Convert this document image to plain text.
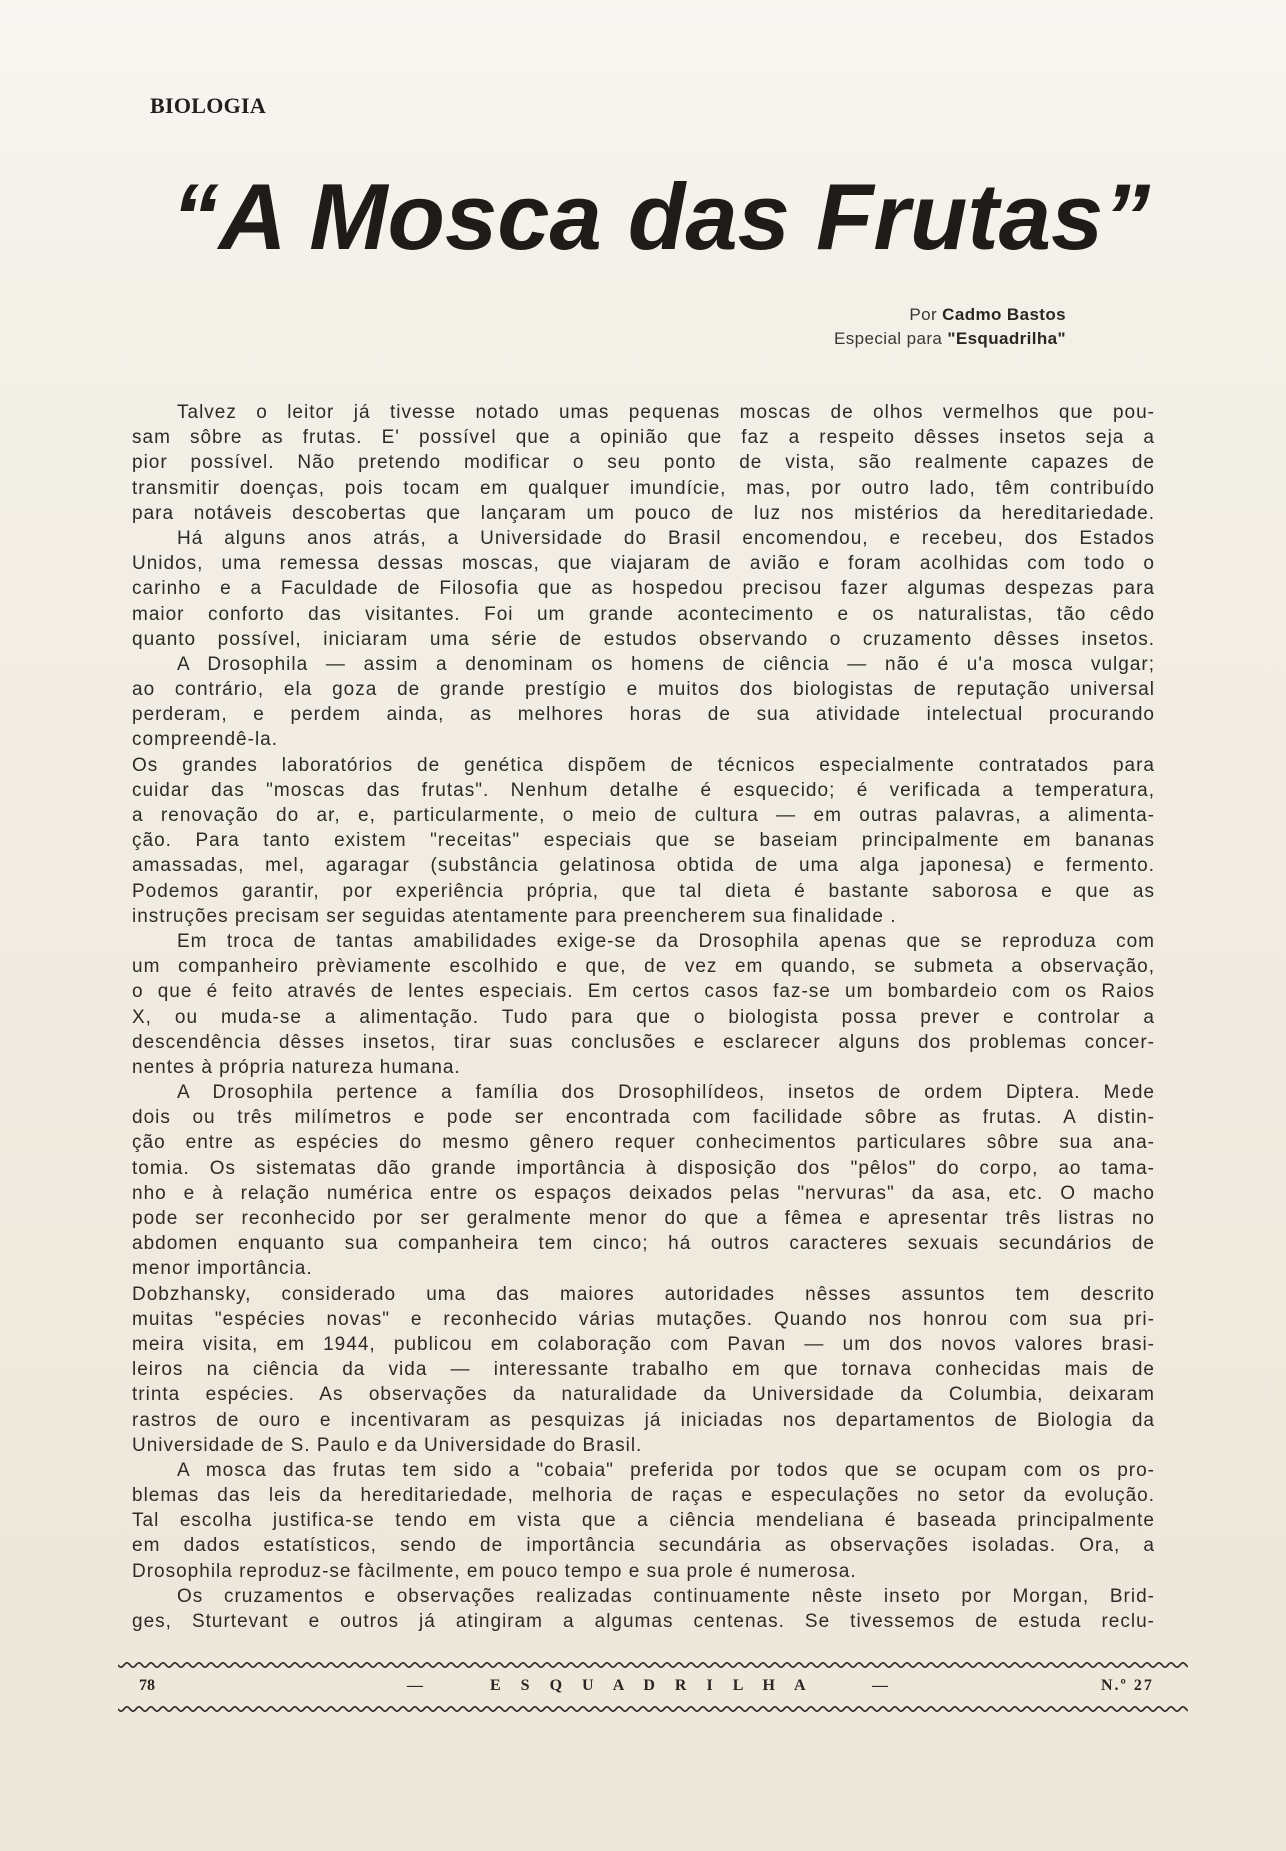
BIOLOGIA
“A Mosca das Frutas”
Por Cadmo Bastos
Especial para "Esquadrilha"
Talvez o leitor já tivesse notado umas pequenas moscas de olhos vermelhos que pou-
sam sôbre as frutas. E' possível que a opinião que faz a respeito dêsses insetos seja a
pior possível. Não pretendo modificar o seu ponto de vista, são realmente capazes de
transmitir doenças, pois tocam em qualquer imundície, mas, por outro lado, têm contribuído
para notáveis descobertas que lançaram um pouco de luz nos mistérios da hereditariedade.
Há alguns anos atrás, a Universidade do Brasil encomendou, e recebeu, dos Estados
Unidos, uma remessa dessas moscas, que viajaram de avião e foram acolhidas com todo o
carinho e a Faculdade de Filosofia que as hospedou precisou fazer algumas despezas para
maior conforto das visitantes. Foi um grande acontecimento e os naturalistas, tão cêdo
quanto possível, iniciaram uma série de estudos observando o cruzamento dêsses insetos.
A Drosophila — assim a denominam os homens de ciência — não é u'a mosca vulgar;
ao contrário, ela goza de grande prestígio e muitos dos biologistas de reputação universal
perderam, e perdem ainda, as melhores horas de sua atividade intelectual procurando
compreendê-la.
Os grandes laboratórios de genética dispõem de técnicos especialmente contratados para
cuidar das "moscas das frutas". Nenhum detalhe é esquecido; é verificada a temperatura,
a renovação do ar, e, particularmente, o meio de cultura — em outras palavras, a alimenta-
ção. Para tanto existem "receitas" especiais que se baseiam principalmente em bananas
amassadas, mel, agaragar (substância gelatinosa obtida de uma alga japonesa) e fermento.
Podemos garantir, por experiência própria, que tal dieta é bastante saborosa e que as
instruções precisam ser seguidas atentamente para preencherem sua finalidade .
Em troca de tantas amabilidades exige-se da Drosophila apenas que se reproduza com
um companheiro prèviamente escolhido e que, de vez em quando, se submeta a observação,
o que é feito através de lentes especiais. Em certos casos faz-se um bombardeio com os Raios
X, ou muda-se a alimentação. Tudo para que o biologista possa prever e controlar a
descendência dêsses insetos, tirar suas conclusões e esclarecer alguns dos problemas concer-
nentes à própria natureza humana.
A Drosophila pertence a família dos Drosophilídeos, insetos de ordem Diptera. Mede
dois ou três milímetros e pode ser encontrada com facilidade sôbre as frutas. A distin-
ção entre as espécies do mesmo gênero requer conhecimentos particulares sôbre sua ana-
tomia. Os sistematas dão grande importância à disposição dos "pêlos" do corpo, ao tama-
nho e à relação numérica entre os espaços deixados pelas "nervuras" da asa, etc. O macho
pode ser reconhecido por ser geralmente menor do que a fêmea e apresentar três listras no
abdomen enquanto sua companheira tem cinco; há outros caracteres sexuais secundários de
menor importância.
Dobzhansky, considerado uma das maiores autoridades nêsses assuntos tem descrito
muitas "espécies novas" e reconhecido várias mutações. Quando nos honrou com sua pri-
meira visita, em 1944, publicou em colaboração com Pavan — um dos novos valores brasi-
leiros na ciência da vida — interessante trabalho em que tornava conhecidas mais de
trinta espécies. As observações da naturalidade da Universidade da Columbia, deixaram
rastros de ouro e incentivaram as pesquizas já iniciadas nos departamentos de Biologia da
Universidade de S. Paulo e da Universidade do Brasil.
A mosca das frutas tem sido a "cobaia" preferida por todos que se ocupam com os pro-
blemas das leis da hereditariedade, melhoria de raças e especulações no setor da evolução.
Tal escolha justifica-se tendo em vista que a ciência mendeliana é baseada principalmente
em dados estatísticos, sendo de importância secundária as observações isoladas. Ora, a
Drosophila reproduz-se fàcilmente, em pouco tempo e sua prole é numerosa.
Os cruzamentos e observações realizadas continuamente nêste inseto por Morgan, Brid-
ges, Sturtevant e outros já atingiram a algumas centenas. Se tivessemos de estuda reclu-
78	—	E S Q U A D R I L H A	—	N.º 27
